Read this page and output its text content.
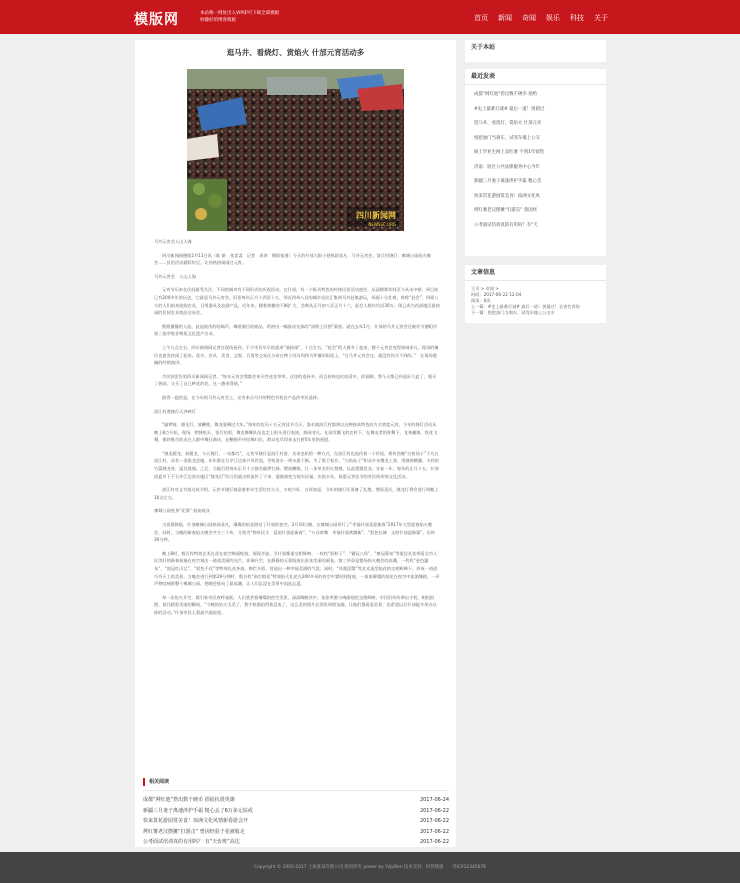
模版网	本站唯一网址出入VIP即可下载全部模板
妙趣好的博客模板	首页 新闻 奇闻 娱乐 科技 关于
逛马井、看烧灯、赏焰火 什邡元宵活动多
四川新闻网
NEWSSC.ORG

马井元宵会人山人海

四川新闻网德阳2月11日讯（陈 新　张雷睿　记者　周鸿　摄影报道）今天的什邡大街小巷热闹非凡：马井元宵会、洛江村烧灯、雍城公园焰火晚会……民俗活动精彩纷呈，让你热热闹闹过元宵。

马井元宵会　人山人海

元宵节历来在民间最受关注，不同的城市有不同形式的庆祝活动。在什邡，有一个极具特色的传统民俗活动盛会，从清朝那年间至今从未中断，到目前已有200多年的历史，它就是马井元宵会。旧俗每年正月十四至十五，邻近四州八县的城乡居民汇集到马井赶集游玩，场面十分壮观，故称“赶会”，四面八方的人们前来选购农具，日用器具及农副产品，近年来，随着规模的不断扩大，会期从正月初八至正月十六，赶会人数年均近30万，现已成为西部地区最热闹的民间农业商品交易会。

熙熙攘攘的人流，此起彼伏的吆喝声，琳琅满目的商品，给初出一幅流动交体的“清明上河图”画卷。就在去年1月，什邡的马井元宵会还被评为德阳市第三批市级非物质文化遗产名录。

上午九点左右，四川新闻网记者在现场看到，不少市民早早的就来“凑热闹”，十点左右，“赶会”的人群多了起来，整个元宵会变得热闹非凡，现场的摊位也愈发热闹了起来。花卉、农具、美食、文娱、百货等交易区分布在鸭子河河坝和马井镇的街道上，“在马井元宵会这，就没有你买不到的。”　在现场摆摊的经销商讲。

市民郭雷告诉四川新闻网记者，“每年元宵会我都会来买些花花草草，这里的选择多，而且价格也比较适中，你看啊，我今天都已经选好几盆了，既买了热闹，又买了自己种花的花，这一趟来得值。”

值得一提的是，在今年的马井元宵会上，还有来自马井的特色有机农产品供市民选择。

洛江村逻烧灯天齐映灯

“敲锣鼓、烧龙灯，放鞭炮，舞龙耍狮过大年。”每年的农历十五元宵佳节当天，洛水镇洛江村都将以这种独具特色的方式欢度元宵。今年的烧灯活动从晚上8点开始，现场，锣鼓喧天、张灯结彩，舞龙舞狮队伍也走上街头进行表演，热闹非凡。在雨雪飘飞的农村下，在舞龙者的挥舞下，龙身翻滚，铁花飞舞，惟妙惟肖的龙在人群中舞狂满动，在鞭炮声中回舞归位，群众也早得来去打拼5年里的祝愿。

“烧龙精龙，焰精龙，今天烧灯，一年都红”，元宵节烧灯是洛江村最、众求也始的一种方式，在洛江村也流传着一个传说，相传西晚“白鱼仙子”下凡在洛江村，而有一条银龙恋她，年年都在石亭江边来兴风作浪，导致洛水一带水患不断。为了保卫家乡，“白鱼仙子”和众乡亲携龙上奔，用烧掉腾翼、火药的竹篙烧龙身，逼其逃遁。之后，当地百姓每年正月十五都会敲锣打鼓，燃放鞭炮，扎一条草龙用火焚烧，以此震慑恶龙。年复一年，每年的正月十五，什邡洛夏乡下不石亭江边洛水地区“烧龙灯”的习俗就这样流传了下来，逐渐演变为现实祈福，庆祝丰年，祝愿元宵佳节的有民间传统文化活动。

洛江村对文书第这成介绍，元宵节烧灯寓意着来年生活红红火火、丰收兴旺、吉祥如意，今年的烧灯还准备了礼炮，增添喜庆，烧龙灯将会进行到晚上10点左右。

雍城公园变身“花海” 焰焰观众

当夜幕降临，什邡雍城公园热闹非凡，璀璨的焰花照亮了什邡的夜空。2月10日晚，在雍城公园举行了“幸福什邡喜迎新春”2017年大型迎春焰火晚会，同时，当晚的新春焰火晚会共分三个块，分别为“物阜民丰　富裕什邡迎新春”、“万众欢舞　幸福什邡欢腾新”、“彩色长城　文明什邡迎新篇”，历时30分钟。

晚上8时，数百枚特效艺术礼花在夜空绚丽绽放，展现多姿，引什邡都重交相辉映。一枚枚“彩粒子”、“繁冠八角”、“雍冠幕布”等重仪礼花带看全市人民美好的新春祝福在夜空划出一道道美丽的光芒，祥瑞升空，在静静的天幕绽放出张张美丽的画卷。第三华章是整场焰火晚会的高潮，一枚枚“金色瀑布”、“流冠红闪芯”、“彩色千花”等特效礼花齐放，绚烂多彩，营造出一种幸福美满的气氛；同时，“凤凰涅槃”等艺术造型焰花的交相辉映下，形成一道道巧夺天工的美景。当晚会进行到第29分钟时，数百枚“高空烟花”特效焰火礼花在200多米的夜空中霎时间绽放，一束束璀璨的焰花在夜空中流淌舞蹈，一声声赞叹响彻整个雍城公园，把晚会推向了最高潮，让人们沉浸在美景中流连忘返。

每一次焰火升空，都引来市民欢呼雀跃。人们欣赏着璀璨的夜空美景，深深陶醉其中。张张笑脸与绚丽烟花交相辉映，市民们纷纷拿出手机、相机拍照，留住精彩美丽的瞬间。“今晚的焰火太美了，我手机都拍得快没电了，这么美的照片必须发到朋友圈，让他们都看看美景，也希望以后什邡能多举办这样的活动。”什邡市民王莉高兴地说道。

相关阅读
成都“网红池”捞出数千硬币 捐给抗震英雄	2017-06-24
新疆三月妻子离速涉护手霜 粗心丢了6万多元钻戒	2017-06-22
快来贯花游园赏美食！琼洲文化风情新春游会开	2017-06-22
烤红薯老汉摆摊“打游击” 曾因经验于花被收走	2017-06-22
公考面试培训真的有用吗？ 有“天价班”高达	2017-06-22
关于本站
最近发表
成都“网红池”捞出数千硬币 捐给
#史上最难灯谜# 最后一道！别猜过
逛马井、看烧灯、赏焰火 什邡元宵
悦把油门当刹车，试驾车撞上公交
硕士毕业生网上卖红薯 不到1年销售
济南：原区公共法律服务中心今年
新疆三月妻子离速涉护手霜 粗心丢
快来贯花游园赏美食！琼洲文化风
烤红薯老汉摆摊“打游击” 曾因经
公考面试培训真的有用吗？有“天
文章信息
主页 > 奇闻 >
时间：2017-06-22 12:04
阅读：0次
上一篇：#史上最难灯谜# 最后一道！别猜过！全省告诉你
下一篇：悦把油门当刹车，试驾车撞上公交车
Copyright © 2002-2017 上海某某有限公司 版权所有 power by YzjuRen 技术支持：织梦模板　　苏ICP12345678
